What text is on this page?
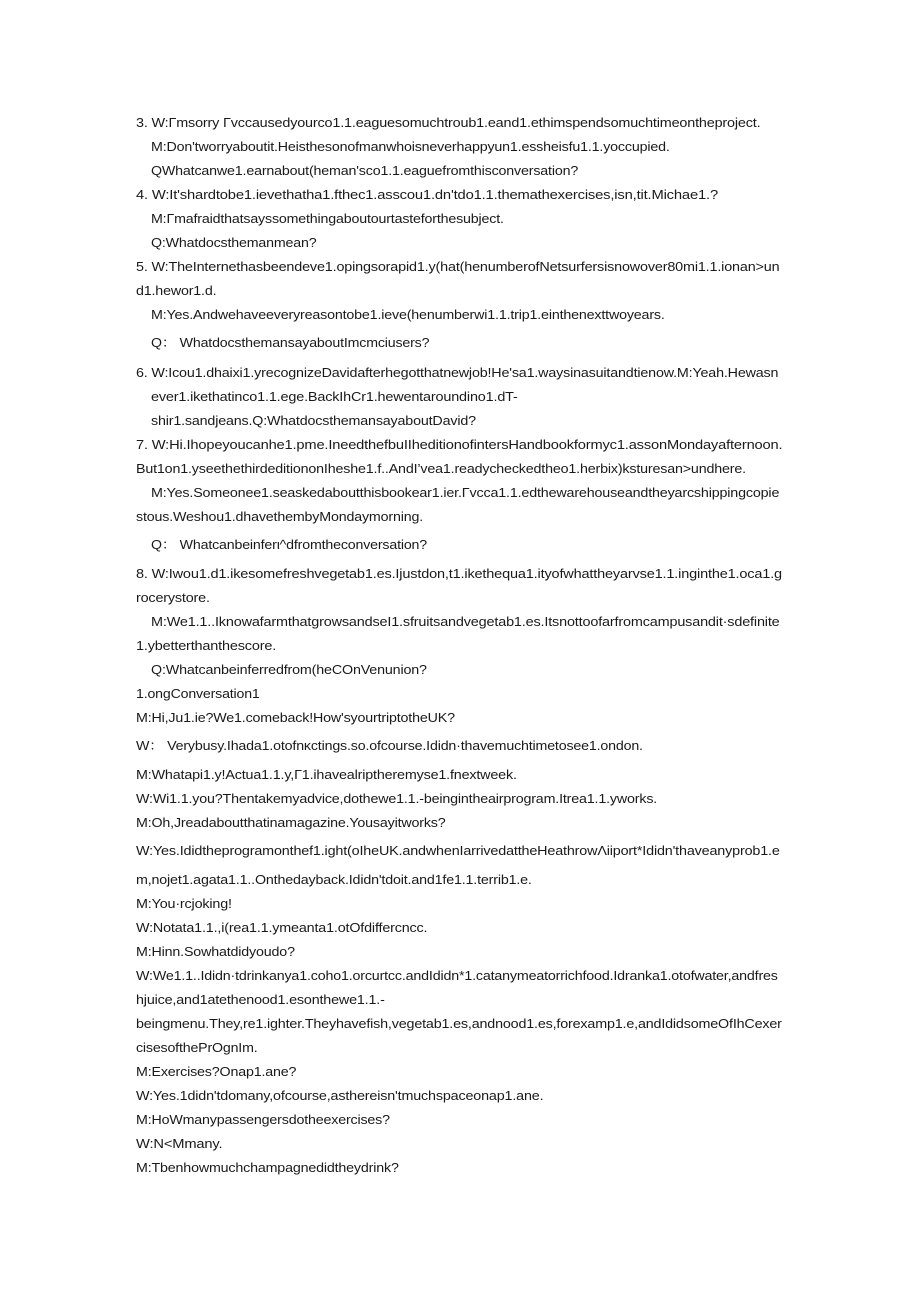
3. W:Γmsorry Γvccausedyourco1.1.eaguesomuchtroub1.eand1.ethimspendsomuchtimeontheproject.
M:Don'tworryaboutit.Heisthesonofmanwhoisneverhappyun1.essheisfu1.1.yoccupied.
QWhatcanwe1.earnabout(heman'sco1.1.eaguefromthisconversation?
4. W:It'shardtobe1.ievethatha1.fthec1.asscou1.dn'tdo1.1.themathexercises,isn,tit.Michae1.?
M:Γmafraidthatsayssomethingaboutourtasteforthesubject.
Q:Whatdocsthemanmean?
5. W:TheInternethasbeendeve1.opingsorapid1.y(hat(henumberofNetsurfersisnowover80mi1.1.ionan>un
d1.hewor1.d.
M:Yes.Andwehaveeveryreasontobe1.ieve(henumberwi1.1.trip1.einthenexttwoyears.
Q： WhatdocsthemansayaboutImcmciusers?
6. W:Icou1.dhaixi1.yrecognizeDavidafterhegotthatnewjob!He'sa1.waysinasuitandtienow.M:Yeah.Hewasn
ever1.ikethatinco1.1.ege.BackIhCr1.hewentaroundino1.dT-
shir1.sandjeans.Q:WhatdocsthemansayaboutDavid?
7. W:Hi.Ihopeyoucanhe1.pme.IneedthefbuIIheditionofintersHandbookformyc1.assonMondayafternoon.
But1on1.yseethethirdeditiononIheshe1.f..AndI’vea1.readycheckedtheo1.herbix)ksturesan>undhere.
M:Yes.Someonee1.seaskedaboutthisbookear1.ier.Γvcca1.1.edthewarehouseandtheyarcshippingcopie
stous.Weshou1.dhavethembyMondaymorning.
Q： Whatcanbeinferι^dfromtheconversation?
8. W:Iwou1.d1.ikesomefreshvegetab1.es.Ijustdon,t1.ikethequa1.ityofwhattheyarvse1.1.inginthe1.oca1.g
rocerystore.
M:We1.1..IknowafarmthatgrowsandseI1.sfruitsandvegetab1.es.Itsnottoofarfromcampusandit·sdefinite
1.ybetterthanthescore.
Q:Whatcanbeinferredfrom(heCOnVenunion?
1.ongConversation1
M:Hi,Ju1.ie?We1.comeback!How'syourtriptotheUK?
W： Verybusy.Ihada1.otofnκctings.so.ofcourse.Ididn·thavemuchtimetosee1.ondon.
M:Whatapi1.y!Actua1.1.y,Γ1.ihavealriptheremyse1.fnextweek.
W:Wi1.1.you?Thentakemyadvice,dothewe1.1.-beingintheairprogram.Itrea1.1.yworks.
M:Oh,Jreadaboutthatinamagazine.Yousayitworks?
W:Yes.Ididtheprogramonthef1.ight(oIheUK.andwhenIarrivedattheHeathrowΛiiport*Ididn'thaveanyprob1.e
m,nojet1.agata1.1..Onthedayback.Ididn'tdoit.and1fe1.1.terrib1.e.
M:You·rcjoking!
W:Notata1.1.,i(rea1.1.ymeanta1.otOfdiffercncc.
M:Hinn.Sowhatdidyoudo?
W:We1.1..Ididn·tdrinkanya1.coho1.orcurtcc.andIdidn*1.catanymeatorrichfood.Idranka1.otofwater,andfres
hjuice,and1atethenood1.esonthewe1.1.-
beingmenu.They,re1.ighter.Theyhavefish,vegetab1.es,andnood1.es,forexamp1.e,andIdidsomeOfIhCexer
cisesofthePrOgnIm.
M:Exercises?Onap1.ane?
W:Yes.1didn'tdomany,ofcourse,asthereisn'tmuchspaceonap1.ane.
M:HoWmanypassengersdotheexercises?
W:N<Mmany.
M:Tbenhowmuchchampagnedidtheydrink?
